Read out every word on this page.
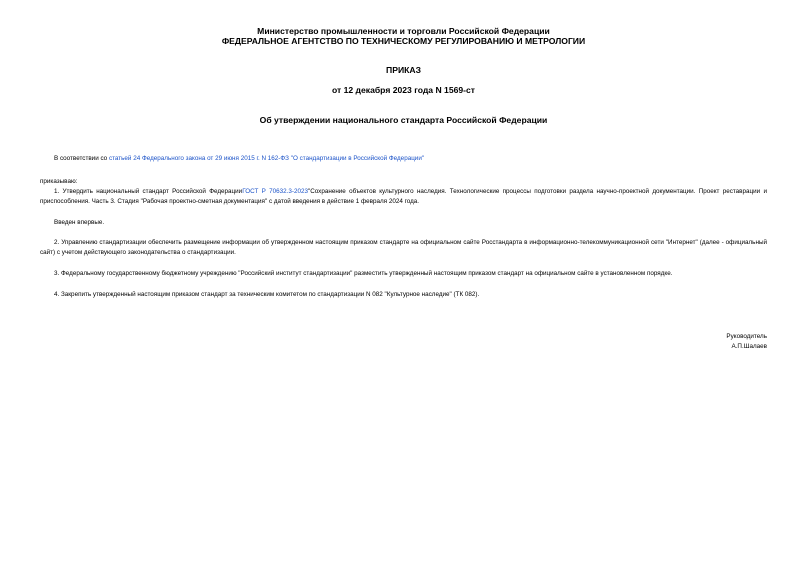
Министерство промышленности и торговли Российской Федерации
ФЕДЕРАЛЬНОЕ АГЕНТСТВО ПО ТЕХНИЧЕСКОМУ РЕГУЛИРОВАНИЮ И МЕТРОЛОГИИ
ПРИКАЗ
от 12 декабря 2023 года N 1569-ст
Об утверждении национального стандарта Российской Федерации
В соответствии со статьей 24 Федерального закона от 29 июня 2015 г. N 162-ФЗ "О стандартизации в Российской Федерации"
приказываю:
1. Утвердить национальный стандарт Российской ФедерацииГОСТ Р 70632.3-2023"Сохранение объектов культурного наследия. Технологические процессы подготовки раздела научно-проектной документации. Проект реставрации и приспособления. Часть 3. Стадия "Рабочая проектно-сметная документация" с датой введения в действие 1 февраля 2024 года.
Введен впервые.
2. Управлению стандартизации обеспечить размещение информации об утвержденном настоящим приказом стандарте на официальном сайте Росстандарта в информационно-телекоммуникационной сети "Интернет" (далее - официальный сайт) с учетом действующего законодательства о стандартизации.
3. Федеральному государственному бюджетному учреждению "Российский институт стандартизации" разместить утвержденный настоящим приказом стандарт на официальном сайте в установленном порядке.
4. Закрепить утвержденный настоящим приказом стандарт за техническим комитетом по стандартизации N 082 "Культурное наследие" (ТК 082).
Руководитель
А.П.Шалаев
